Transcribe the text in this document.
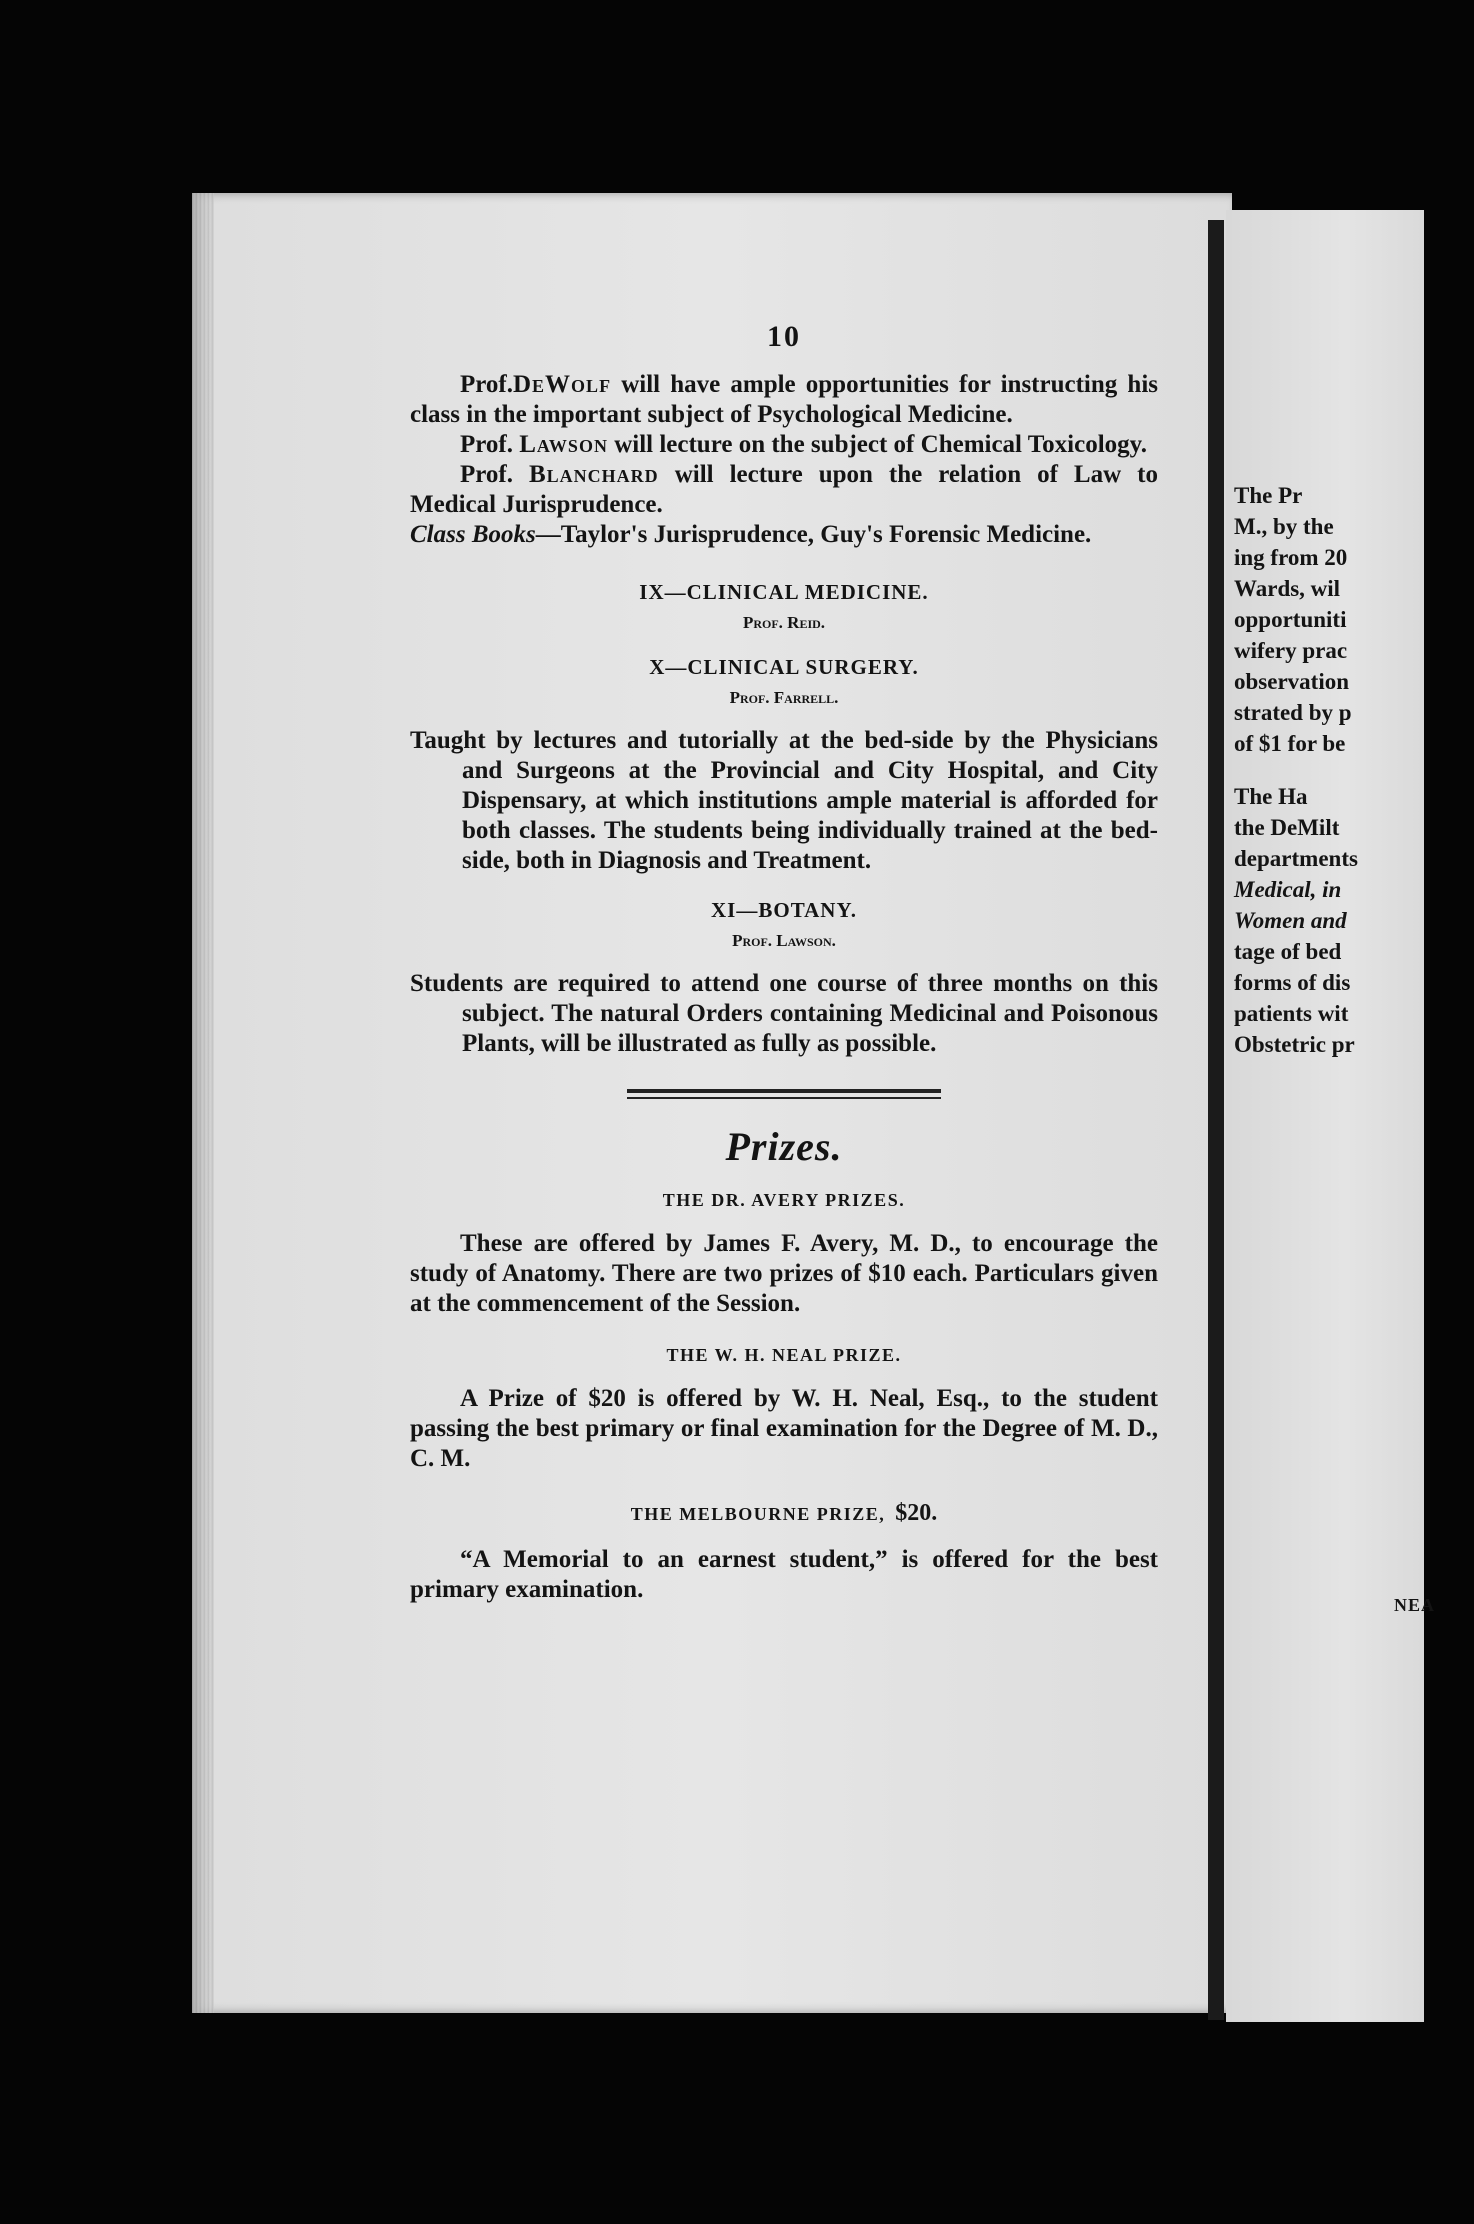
The Pr
M., by the
ing from 20
Wards, wil
opportuniti
wifery prac
observation
strated by p
of $1 for be
The Ha
the DeMilt
departments
Medical, in
Women and
tage of bed
forms of dis
patients wit
Obstetric pr
NEA
10

Prof.DeWolf will have ample opportunities for instructing his class in the important subject of Psychological Medicine.

Prof. Lawson will lecture on the subject of Chemical Toxicology.

Prof. Blanchard will lecture upon the relation of Law to Medical Jurisprudence.

Class Books—Taylor's Jurisprudence, Guy's Forensic Medicine.

IX—CLINICAL MEDICINE.
Prof. Reid.
X—CLINICAL SURGERY.
Prof. Farrell.

Taught by lectures and tutorially at the bed-side by the Physicians and Surgeons at the Provincial and City Hospital, and City Dispensary, at which institutions ample material is afforded for both classes. The students being individually trained at the bed-side, both in Diagnosis and Treatment.

XI—BOTANY.
Prof. Lawson.

Students are required to attend one course of three months on this subject. The natural Orders containing Medicinal and Poisonous Plants, will be illustrated as fully as possible.

Prizes.
THE DR. AVERY PRIZES.

These are offered by James F. Avery, M. D., to encourage the study of Anatomy. There are two prizes of $10 each. Particulars given at the commencement of the Session.

THE W. H. NEAL PRIZE.

A Prize of $20 is offered by W. H. Neal, Esq., to the student passing the best primary or final examination for the Degree of M. D., C. M.

THE MELBOURNE PRIZE, $20.

“A Memorial to an earnest student,” is offered for the best primary examination.
